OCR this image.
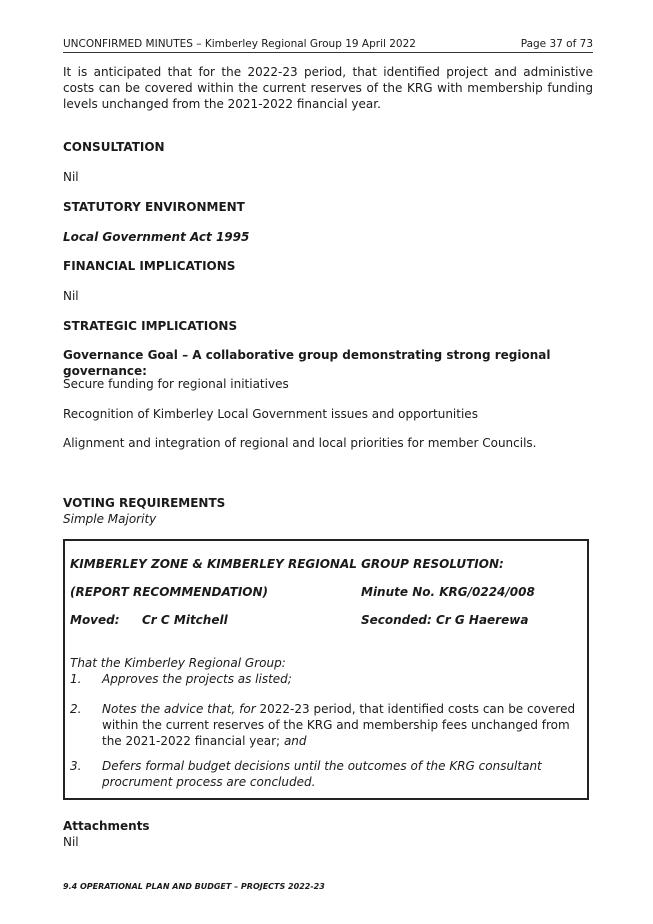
UNCONFIRMED MINUTES – Kimberley Regional Group 19 April 2022	Page 37 of 73
It is anticipated that for the 2022-23 period, that identified project and administive costs can be covered within the current reserves of the KRG with membership funding levels unchanged from the 2021-2022 financial year.
CONSULTATION
Nil
STATUTORY ENVIRONMENT
Local Government Act 1995
FINANCIAL IMPLICATIONS
Nil
STRATEGIC IMPLICATIONS
Governance Goal – A collaborative group demonstrating strong regional governance:
Secure funding for regional initiatives
Recognition of Kimberley Local Government issues and opportunities
Alignment and integration of regional and local priorities for member Councils.
VOTING REQUIREMENTS
Simple Majority
KIMBERLEY ZONE & KIMBERLEY REGIONAL GROUP RESOLUTION:
(REPORT RECOMMENDATION)	Minute No. KRG/0224/008
Moved: Cr C Mitchell	Seconded: Cr G Haerewa
That the Kimberley Regional Group:
1. Approves the projects as listed;
2. Notes the advice that, for 2022-23 period, that identified costs can be covered within the current reserves of the KRG and membership fees unchanged from the 2021-2022 financial year; and
3. Defers formal budget decisions until the outcomes of the KRG consultant procrument process are concluded.
Attachments
Nil
9.4 OPERATIONAL PLAN AND BUDGET – PROJECTS 2022-23
